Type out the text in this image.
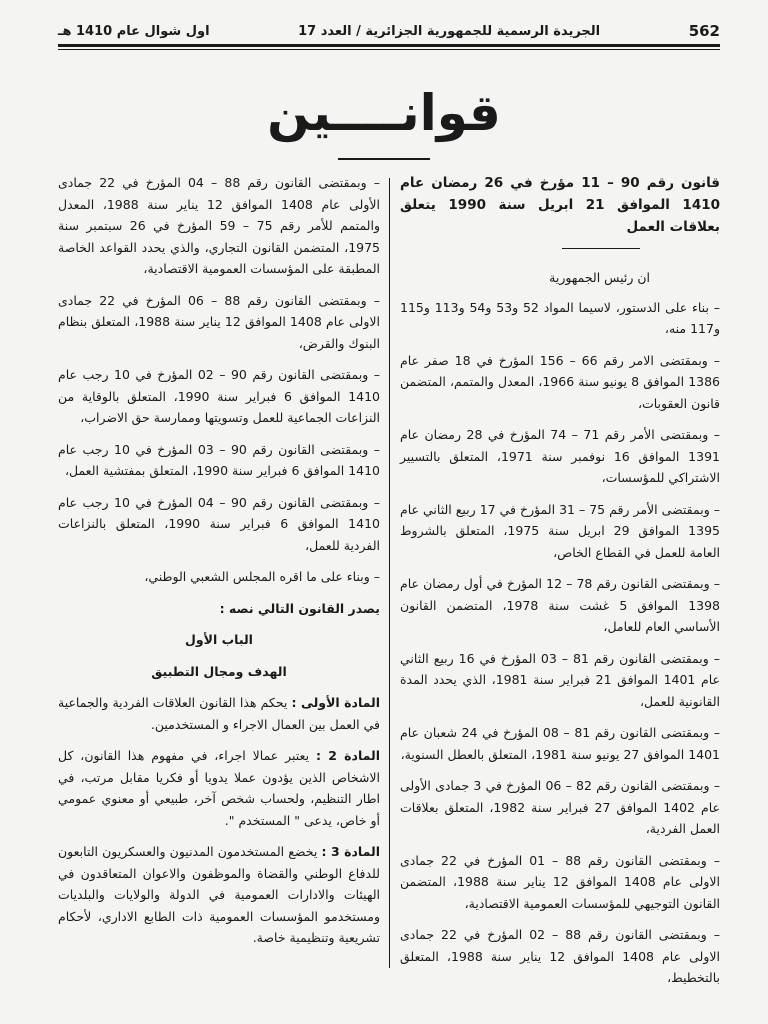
562
الجريدة الرسمية للجمهورية الجزائرية / العدد 17
اول شوال عام 1410 هـ
قوانــــين

قانون رقم 90 – 11 مؤرخ في 26 رمضان عام 1410 الموافق 21 ابريل سنة 1990 يتعلق بعلاقات العمل

ان رئيس الجمهورية

– بناء على الدستور، لاسيما المواد 52 و53 و54 و113 و115 و117 منه،

– وبمقتضى الامر رقم 66 – 156 المؤرخ في 18 صفر عام 1386 الموافق 8 يونيو سنة 1966، المعدل والمتمم، المتضمن قانون العقوبات،

– وبمقتضى الأمر رقم 71 – 74 المؤرخ في 28 رمضان عام 1391 الموافق 16 نوفمبر سنة 1971، المتعلق بالتسيير الاشتراكي للمؤسسات،

– وبمقتضى الأمر رقم 75 – 31 المؤرخ في 17 ربيع الثاني عام 1395 الموافق 29 ابريل سنة 1975، المتعلق بالشروط العامة للعمل في القطاع الخاص،

– وبمقتضى القانون رقم 78 – 12 المؤرخ في أول رمضان عام 1398 الموافق 5 غشت سنة 1978، المتضمن القانون الأساسي العام للعامل،

– وبمقتضى القانون رقم 81 – 03 المؤرخ في 16 ربيع الثاني عام 1401 الموافق 21 فبراير سنة 1981، الذي يحدد المدة القانونية للعمل،

– وبمقتضى القانون رقم 81 – 08 المؤرخ في 24 شعبان عام 1401 الموافق 27 يونيو سنة 1981، المتعلق بالعطل السنوية،

– وبمقتضى القانون رقم 82 – 06 المؤرخ في 3 جمادى الأولى عام 1402 الموافق 27 فبراير سنة 1982، المتعلق بعلاقات العمل الفردية،

– وبمقتضى القانون رقم 88 – 01 المؤرخ في 22 جمادى الاولى عام 1408 الموافق 12 يناير سنة 1988، المتضمن القانون التوجيهي للمؤسسات العمومية الاقتصادية،

– وبمقتضى القانون رقم 88 – 02 المؤرخ في 22 جمادى الاولى عام 1408 الموافق 12 يناير سنة 1988، المتعلق بالتخطيط،

– وبمقتضى القانون رقم 88 – 04 المؤرخ في 22 جمادى الأولى عام 1408 الموافق 12 يناير سنة 1988، المعدل والمتمم للأمر رقم 75 – 59 المؤرخ في 26 سبتمبر سنة 1975، المتضمن القانون التجاري، والذي يحدد القواعد الخاصة المطبقة على المؤسسات العمومية الاقتصادية،

– وبمقتضى القانون رقم 88 – 06 المؤرخ في 22 جمادى الاولى عام 1408 الموافق 12 يناير سنة 1988، المتعلق بنظام البنوك والقرض،

– وبمقتضى القانون رقم 90 – 02 المؤرخ في 10 رجب عام 1410 الموافق 6 فبراير سنة 1990، المتعلق بالوقاية من النزاعات الجماعية للعمل وتسويتها وممارسة حق الاضراب،

– وبمقتضى القانون رقم 90 – 03 المؤرخ في 10 رجب عام 1410 الموافق 6 فبراير سنة 1990، المتعلق بمفتشية العمل،

– وبمقتضى القانون رقم 90 – 04 المؤرخ في 10 رجب عام 1410 الموافق 6 فبراير سنة 1990، المتعلق بالنزاعات الفردية للعمل،

– وبناء على ما اقره المجلس الشعبي الوطني،

يصدر القانون التالي نصه :

الباب الأول

الهدف ومجال التطبيق

المادة الأولى : يحكم هذا القانون العلاقات الفردية والجماعية في العمل بين العمال الاجراء و المستخدمين.

المادة 2 : يعتبر عمالا اجراء، في مفهوم هذا القانون، كل الاشخاص الذين يؤدون عملا يدويا أو فكريا مقابل مرتب، في اطار التنظيم، ولحساب شخص آخر، طبيعي أو معنوي عمومي أو خاص، يدعى " المستخدم ".

المادة 3 : يخضع المستخدمون المدنيون والعسكريون التابعون للدفاع الوطني والقضاة والموظفون والاعوان المتعاقدون في الهيئات والادارات العمومية في الدولة والولايات والبلديات ومستخدمو المؤسسات العمومية ذات الطابع الاداري، لأحكام تشريعية وتنظيمية خاصة.
